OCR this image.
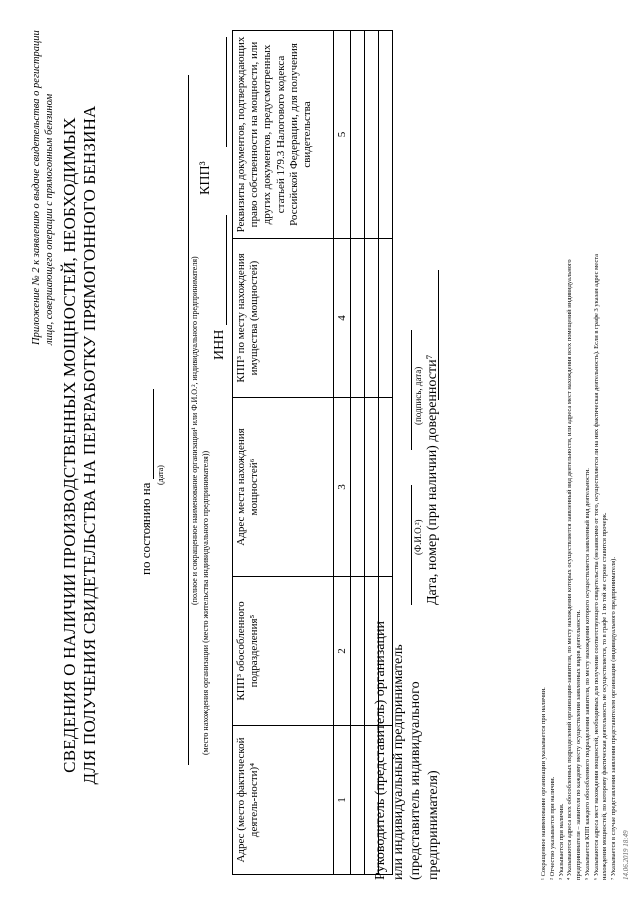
Приложение № 2 к заявлению о выдаче свидетельства о регистрации лица, совершающего операции с прямогонным бензином СВЕДЕНИЯ О НАЛИЧИИ ПРОИЗВОДСТВЕННЫХ МОЩНОСТЕЙ, НЕОБХОДИМЫХ ДЛЯ ПОЛУЧЕНИЯ СВИДЕТЕЛЬСТВА НА ПЕРЕРАБОТКУ ПРЯМОГОННОГО БЕНЗИНА	по состоянию на
(дата)	(полное и сокращенное наименование организации¹ или Ф.И.О.², индивидуального предпринимателя) (место нахождения организации (место жительства индивидуального предпринимателя))
ИНН
КПП³
Адрес (место фактической деятель-ности)⁴	КПП³ обособленного подразделения⁵	Адрес места нахождения мощностей⁶	КПП³ по месту нахождения имущества (мощностей)	Реквизиты документов, подтверждающих право собственности на мощности, или других документов, предусмотренных статьей 179.3 Налогового кодекса Российской Федерации, для получения свидетельства
1	2	3	4	5

Руководитель (представитель) организации или индивидуальный предприниматель (представитель индивидуального предпринимателя)
(Ф.И.О.²)
(подпись, дата) Дата, номер (при наличии) доверенности⁷
¹ Сокращенное наименование организации указывается при наличии. ² Отчество указывается при наличии. ³ Указывается при наличии. ⁴ Указываются адреса всех обособленных подразделений организации-заявителя, по месту нахождения которых осуществляется заявленный вид деятельности, или адреса мест нахождения всех помещений индивидуального предпринимателя – заявителя по каждому месту осуществления заявленных видов деятельности. ⁵ Указывается КПП каждого обособленного подразделения заявителя, по месту нахождения которого осуществляется заявленный вид деятельности. ⁶ Указываются адреса мест нахождения мощностей, необходимых для получения соответствующего свидетельства (независимо от того, осуществляется ли на них фактическая деятельность). Если в графе 3 указан адрес места нахождения мощностей, по которому фактическая деятельность не осуществляется, то в графе 1 по той же строке ставится прочерк. ⁷ Указывается в случае представления заявления представителем организации (индивидуального предпринимателя). 14.06.2019 18:49
